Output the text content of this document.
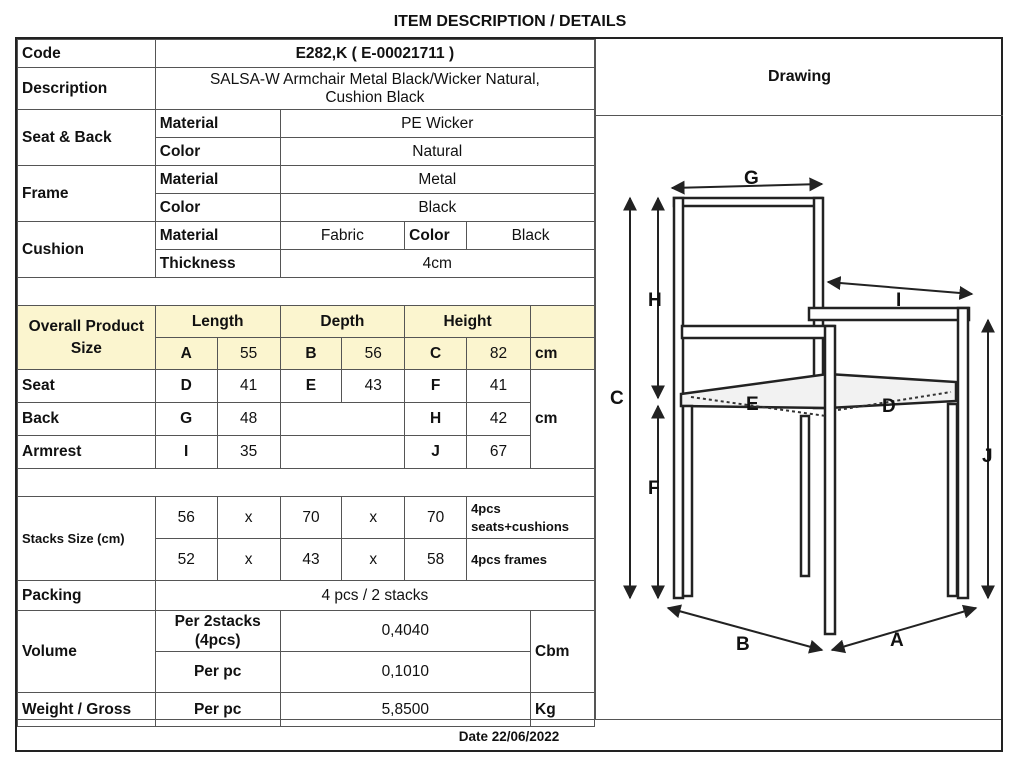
ITEM DESCRIPTION / DETAILS
Code	E282,K ( E-00021711 )						
Description	SALSA-W Armchair Metal Black/Wicker Natural,
Cushion Black						

Seat & Back	Material		PE Wicker				
	Color		Natural				
Frame	Material		Metal				
	Color		Black				
Cushion	Material		Fabric		Color	Black	
	Thickness		4cm				

Overall Product
Size	Length		Depth		Height		
	A	55	B	56	C	82	cm
Seat	D	41	E	43	F	41	cm
Back	G	48			H	42	
Armrest	I	35			J	67	

Stacks Size (cm)	56	x	70	x	70	4pcs
seats+cushions	

	52	x	43	x	58	4pcs frames	
Packing	4 pcs / 2 stacks						
Volume	Per 2stacks
(4pcs)		0,4040				Cbm
	Per pc		0,1010				
Weight / Gross	Per pc		5,8500				Kg
Drawing
G
H
C
F
I
J
E	D
B	A
Date 22/06/2022
